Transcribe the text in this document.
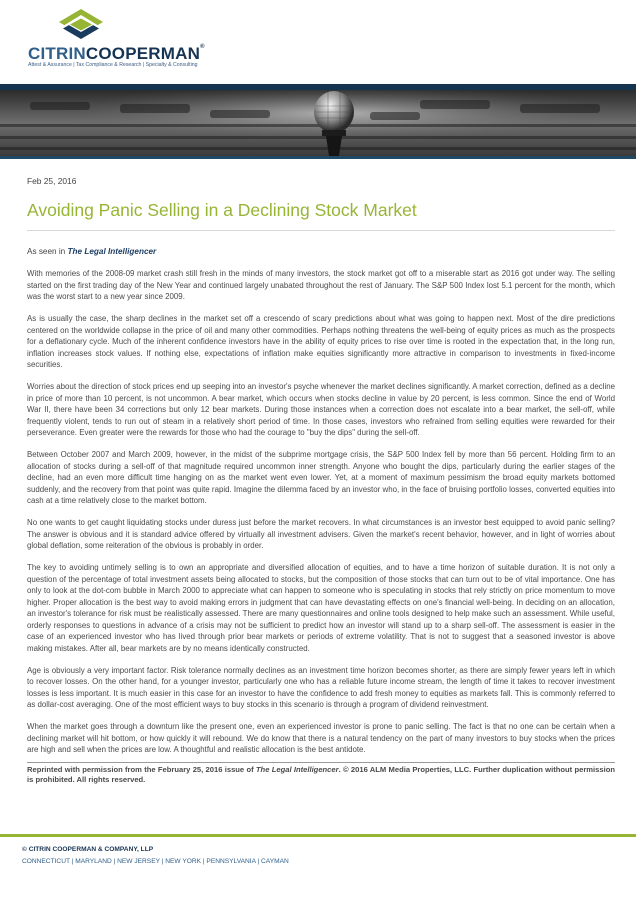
CITRINCOOPERMAN®
Attest & Assurance | Tax Compliance & Research | Specialty & Consulting
Feb 25, 2016
Avoiding Panic Selling in a Declining Stock Market
As seen in The Legal Intelligencer

With memories of the 2008-09 market crash still fresh in the minds of many investors, the stock market got off to a miserable start as 2016 got under way. The selling started on the first trading day of the New Year and continued largely unabated throughout the rest of January. The S&P 500 Index lost 5.1 percent for the month, which was the worst start to a new year since 2009.

As is usually the case, the sharp declines in the market set off a crescendo of scary predictions about what was going to happen next. Most of the dire predictions centered on the worldwide collapse in the price of oil and many other commodities. Perhaps nothing threatens the well-being of equity prices as much as the prospects for a deflationary cycle. Much of the inherent confidence investors have in the ability of equity prices to rise over time is rooted in the expectation that, in the long run, inflation increases stock values. If nothing else, expectations of inflation make equities significantly more attractive in comparison to investments in fixed-income securities.

Worries about the direction of stock prices end up seeping into an investor's psyche whenever the market declines significantly. A market correction, defined as a decline in price of more than 10 percent, is not uncommon. A bear market, which occurs when stocks decline in value by 20 percent, is less common. Since the end of World War II, there have been 34 corrections but only 12 bear markets. During those instances when a correction does not escalate into a bear market, the sell-off, while frequently violent, tends to run out of steam in a relatively short period of time. In those cases, investors who refrained from selling equities were rewarded for their perseverance. Even greater were the rewards for those who had the courage to "buy the dips" during the sell-off.

Between October 2007 and March 2009, however, in the midst of the subprime mortgage crisis, the S&P 500 Index fell by more than 56 percent. Holding firm to an allocation of stocks during a sell-off of that magnitude required uncommon inner strength. Anyone who bought the dips, particularly during the earlier stages of the decline, had an even more difficult time hanging on as the market went even lower. Yet, at a moment of maximum pessimism the broad equity markets bottomed suddenly, and the recovery from that point was quite rapid. Imagine the dilemma faced by an investor who, in the face of bruising portfolio losses, converted equities into cash at a time relatively close to the market bottom.

No one wants to get caught liquidating stocks under duress just before the market recovers. In what circumstances is an investor best equipped to avoid panic selling? The answer is obvious and it is standard advice offered by virtually all investment advisers. Given the market's recent behavior, however, and in light of worries about global deflation, some reiteration of the obvious is probably in order.

The key to avoiding untimely selling is to own an appropriate and diversified allocation of equities, and to have a time horizon of suitable duration. It is not only a question of the percentage of total investment assets being allocated to stocks, but the composition of those stocks that can turn out to be of vital importance. One has only to look at the dot-com bubble in March 2000 to appreciate what can happen to someone who is speculating in stocks that rely strictly on price momentum to move higher. Proper allocation is the best way to avoid making errors in judgment that can have devastating effects on one's financial well-being. In deciding on an allocation, an investor's tolerance for risk must be realistically assessed. There are many questionnaires and online tools designed to help make such an assessment. While useful, orderly responses to questions in advance of a crisis may not be sufficient to predict how an investor will stand up to a sharp sell-off. The assessment is easier in the case of an experienced investor who has lived through prior bear markets or periods of extreme volatility. That is not to suggest that a seasoned investor is above making mistakes. After all, bear markets are by no means identically constructed.

Age is obviously a very important factor. Risk tolerance normally declines as an investment time horizon becomes shorter, as there are simply fewer years left in which to recover losses. On the other hand, for a younger investor, particularly one who has a reliable future income stream, the length of time it takes to recover investment losses is less important. It is much easier in this case for an investor to have the confidence to add fresh money to equities as markets fall. This is commonly referred to as dollar-cost averaging. One of the most efficient ways to buy stocks in this scenario is through a program of dividend reinvestment.

When the market goes through a downturn like the present one, even an experienced investor is prone to panic selling. The fact is that no one can be certain when a declining market will hit bottom, or how quickly it will rebound. We do know that there is a natural tendency on the part of many investors to buy stocks when the prices are high and sell when the prices are low. A thoughtful and realistic allocation is the best antidote.

Reprinted with permission from the February 25, 2016 issue of The Legal Intelligencer. © 2016 ALM Media Properties, LLC. Further duplication without permission is prohibited. All rights reserved.
© CITRIN COOPERMAN & COMPANY, LLP
CONNECTICUT | MARYLAND | NEW JERSEY | NEW YORK | PENNSYLVANIA | CAYMAN
